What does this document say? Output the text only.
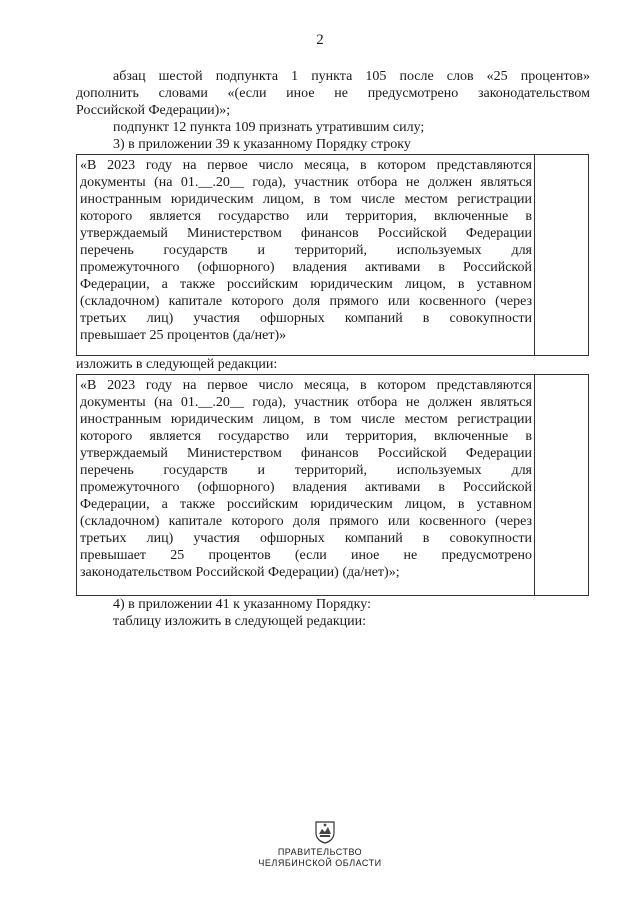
2
абзац шестой подпункта 1 пункта 105 после слов «25 процентов»
дополнить словами «(если иное не предусмотрено законодательством
Российской Федерации)»;
подпункт 12 пункта 109 признать утратившим силу;
3) в приложении 39 к указанному Порядку строку
«В 2023 году на первое число месяца, в котором представляются
документы (на 01.__.20__ года), участник отбора не должен являться
иностранным юридическим лицом, в том числе местом регистрации
которого является государство или территория, включенные в
утверждаемый Министерством финансов Российской Федерации
перечень государств и территорий, используемых для
промежуточного (офшорного) владения активами в Российской
Федерации, а также российским юридическим лицом, в уставном
(складочном) капитале которого доля прямого или косвенного (через
третьих лиц) участия офшорных компаний в совокупности
превышает 25 процентов (да/нет)»
изложить в следующей редакции:
«В 2023 году на первое число месяца, в котором представляются
документы (на 01.__.20__ года), участник отбора не должен являться
иностранным юридическим лицом, в том числе местом регистрации
которого является государство или территория, включенные в
утверждаемый Министерством финансов Российской Федерации
перечень государств и территорий, используемых для
промежуточного (офшорного) владения активами в Российской
Федерации, а также российским юридическим лицом, в уставном
(складочном) капитале которого доля прямого или косвенного (через
третьих лиц) участия офшорных компаний в совокупности
превышает 25 процентов (если иное не предусмотрено
законодательством Российской Федерации) (да/нет)»;
4) в приложении 41 к указанному Порядку:
таблицу изложить в следующей редакции:
ПРАВИТЕЛЬСТВО
ЧЕЛЯБИНСКОЙ ОБЛАСТИ
